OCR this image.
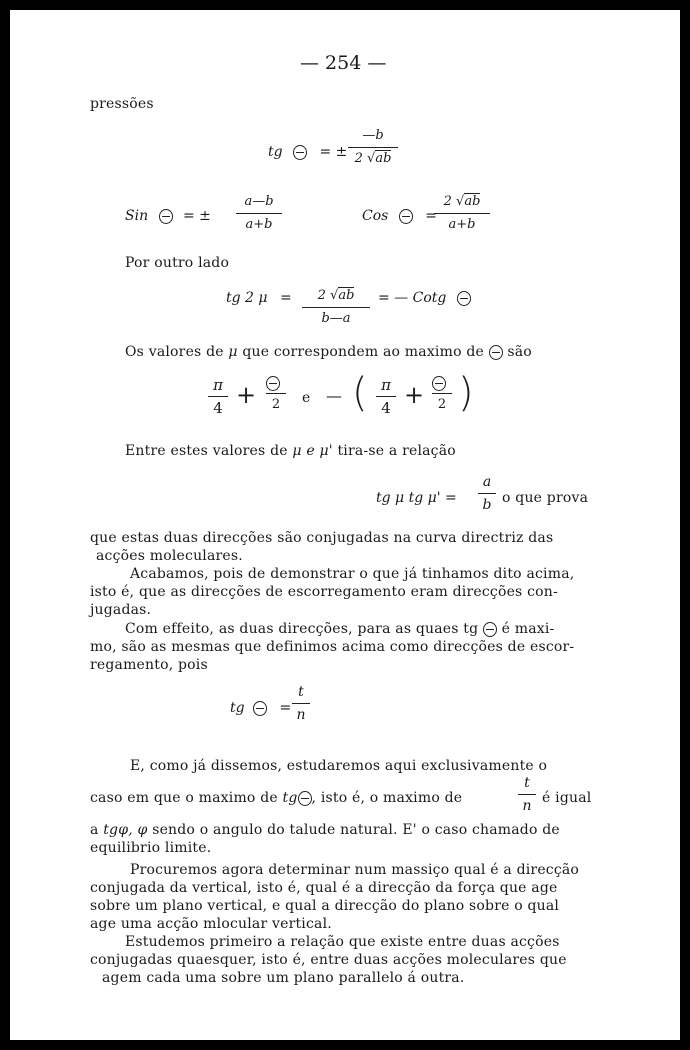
— 254 —
pressões
tg	= ±
—b
2 √ab
Sin = ±
a—b
a+b
Cos	=
2 √ab
a+b
Por outro lado
tg 2 μ =	2 √ab
b—a
= — Cotg
Os valores de μ que correspondem ao maximo de são
π
4 +	2	e — ( π
4 +	2 )
Entre estes valores de μ e μ' tira-se a relação
tg μ tg μ' =
a
b o que prova
que estas duas direcções são conjugadas na curva directriz das
acções moleculares.
Acabamos, pois de demonstrar o que já tinhamos dito acima,
isto é, que as direcções de escorregamento eram direcções con-
jugadas.
Com effeito, as duas direcções, para as quaes tg é maxi-
mo, são as mesmas que definimos acima como direcções de escor-
regamento, pois
tg =
t
n
E, como já dissemos, estudaremos aqui exclusivamente o
caso em que o maximo de tg , isto é, o maximo de
t
n é igual
a tgφ, φ sendo o angulo do talude natural. E' o caso chamado de
equilibrio limite.
Procuremos agora determinar num massiço qual é a direcção
conjugada da vertical, isto é, qual é a direcção da força que age
sobre um plano vertical, e qual a direcção do plano sobre o qual
age uma acção mlocular vertical.
Estudemos primeiro a relação que existe entre duas acções
conjugadas quaesquer, isto é, entre duas acções moleculares que
agem cada uma sobre um plano parallelo á outra.
